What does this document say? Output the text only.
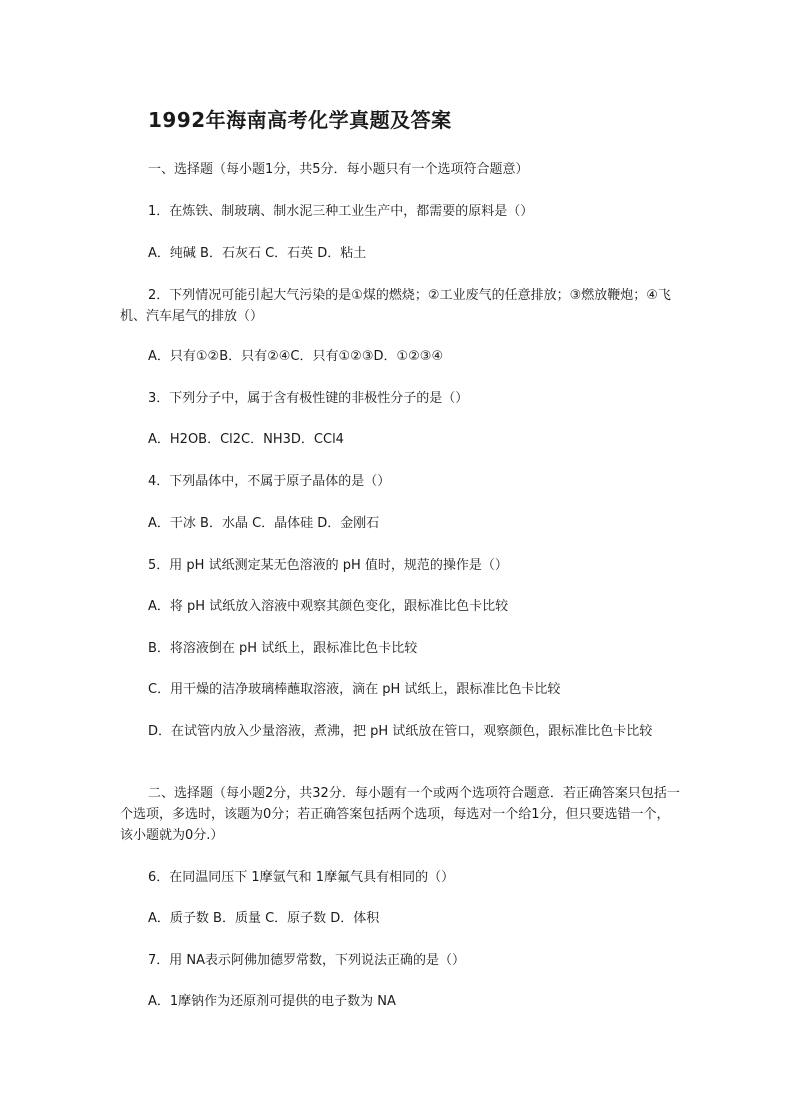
1992年海南高考化学真题及答案
一、选择题（每小题1分，共5分．每小题只有一个选项符合题意）
1．在炼铁、制玻璃、制水泥三种工业生产中，都需要的原料是（）
A．纯碱 B．石灰石 C．石英 D．粘土
2．下列情况可能引起大气污染的是①煤的燃烧；②工业废气的任意排放；③燃放鞭炮；④飞机、汽车尾气的排放（）
A．只有①②B．只有②④C．只有①②③D．①②③④
3．下列分子中，属于含有极性键的非极性分子的是（）
A．H2OB．Cl2C．NH3D．CCl4
4．下列晶体中，不属于原子晶体的是（）
A．干冰 B．水晶 C．晶体硅 D．金刚石
5．用 pH 试纸测定某无色溶液的 pH 值时，规范的操作是（）
A．将 pH 试纸放入溶液中观察其颜色变化，跟标准比色卡比较
B．将溶液倒在 pH 试纸上，跟标准比色卡比较
C．用干燥的洁净玻璃棒蘸取溶液，滴在 pH 试纸上，跟标准比色卡比较
D．在试管内放入少量溶液，煮沸，把 pH 试纸放在管口，观察颜色，跟标准比色卡比较
二、选择题（每小题2分，共32分．每小题有一个或两个选项符合题意．若正确答案只包括一个选项，多选时，该题为0分；若正确答案包括两个选项，每选对一个给1分，但只要选错一个，该小题就为0分.）
6．在同温同压下 1摩氩气和 1摩氟气具有相同的（）
A．质子数 B．质量 C．原子数 D．体积
7．用 NA表示阿佛加德罗常数，下列说法正确的是（）
A．1摩钠作为还原剂可提供的电子数为 NA
